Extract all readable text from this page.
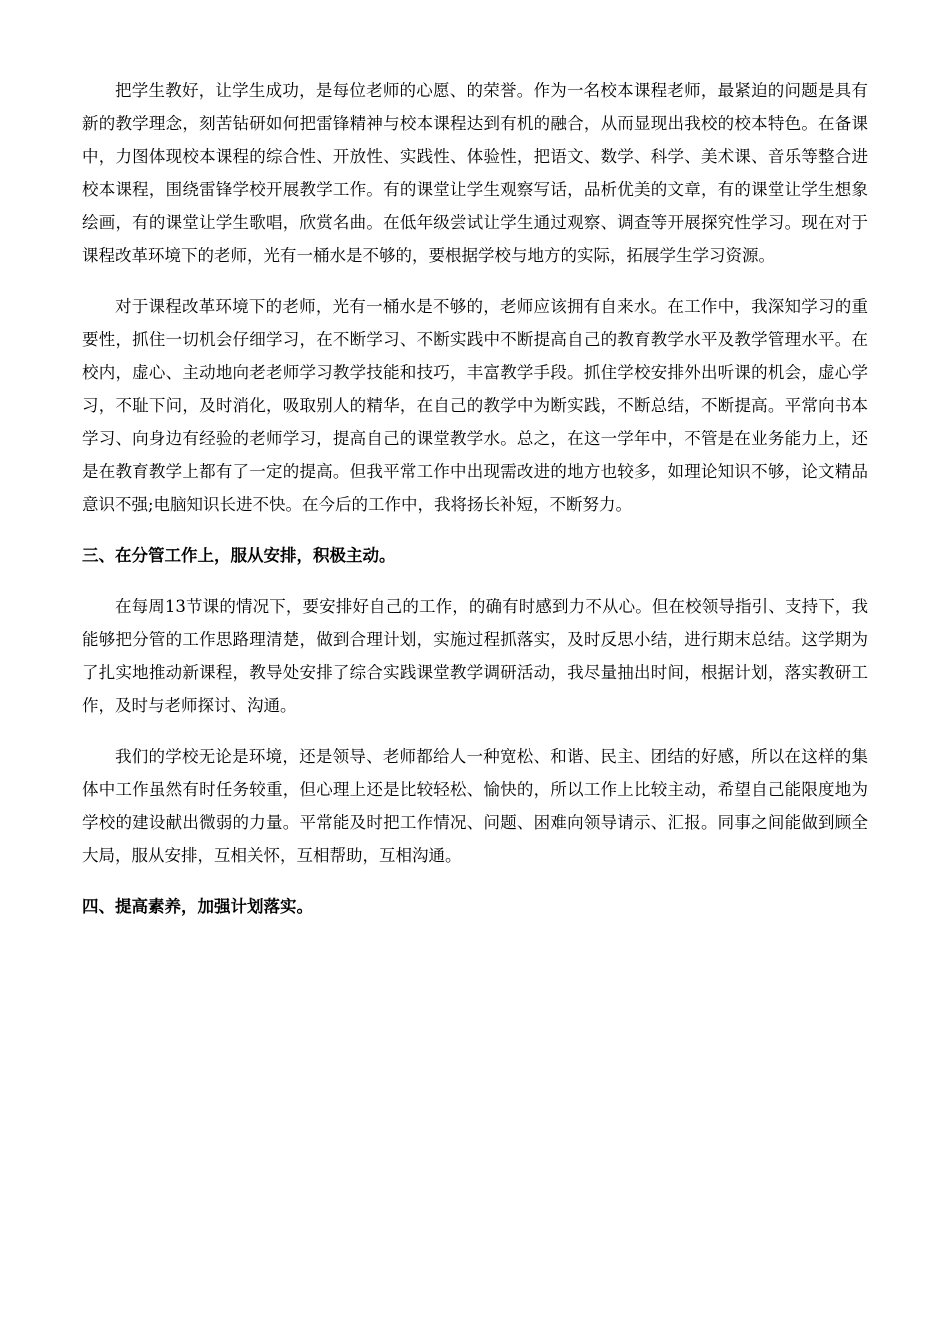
把学生教好，让学生成功，是每位老师的心愿、的荣誉。作为一名校本课程老师，最紧迫的问题是具有新的教学理念，刻苦钻研如何把雷锋精神与校本课程达到有机的融合，从而显现出我校的校本特色。在备课中，力图体现校本课程的综合性、开放性、实践性、体验性，把语文、数学、科学、美术课、音乐等整合进校本课程，围绕雷锋学校开展教学工作。有的课堂让学生观察写话，品析优美的文章，有的课堂让学生想象绘画，有的课堂让学生歌唱，欣赏名曲。在低年级尝试让学生通过观察、调查等开展探究性学习。现在对于课程改革环境下的老师，光有一桶水是不够的，要根据学校与地方的实际，拓展学生学习资源。

对于课程改革环境下的老师，光有一桶水是不够的，老师应该拥有自来水。在工作中，我深知学习的重要性，抓住一切机会仔细学习，在不断学习、不断实践中不断提高自己的教育教学水平及教学管理水平。在校内，虚心、主动地向老老师学习教学技能和技巧，丰富教学手段。抓住学校安排外出听课的机会，虚心学习，不耻下问，及时消化，吸取别人的精华，在自己的教学中为断实践，不断总结，不断提高。平常向书本学习、向身边有经验的老师学习，提高自己的课堂教学水。总之，在这一学年中，不管是在业务能力上，还是在教育教学上都有了一定的提高。但我平常工作中出现需改进的地方也较多，如理论知识不够，论文精品意识不强;电脑知识长进不快。在今后的工作中，我将扬长补短，不断努力。

三、在分管工作上，服从安排，积极主动。

在每周13节课的情况下，要安排好自己的工作，的确有时感到力不从心。但在校领导指引、支持下，我能够把分管的工作思路理清楚，做到合理计划，实施过程抓落实，及时反思小结，进行期末总结。这学期为了扎实地推动新课程，教导处安排了综合实践课堂教学调研活动，我尽量抽出时间，根据计划，落实教研工作，及时与老师探讨、沟通。

我们的学校无论是环境，还是领导、老师都给人一种宽松、和谐、民主、团结的好感，所以在这样的集体中工作虽然有时任务较重，但心理上还是比较轻松、愉快的，所以工作上比较主动，希望自己能限度地为学校的建设献出微弱的力量。平常能及时把工作情况、问题、困难向领导请示、汇报。同事之间能做到顾全大局，服从安排，互相关怀，互相帮助，互相沟通。

四、提高素养，加强计划落实。
